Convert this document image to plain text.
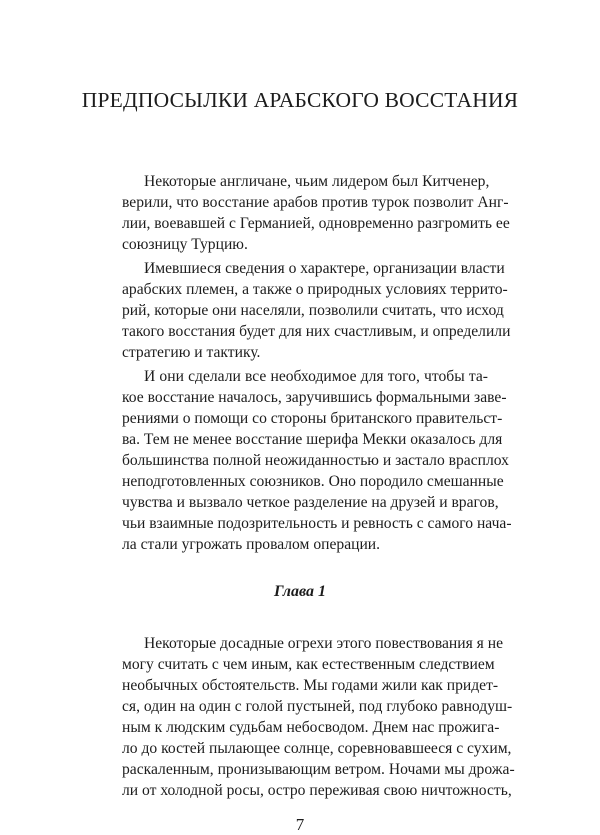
ПРЕДПОСЫЛКИ АРАБСКОГО ВОССТАНИЯ

Некоторые англичане, чьим лидером был Китченер,

верили, что восстание арабов против турок позволит Анг-

лии, воевавшей с Германией, одновременно разгромить ее

союзницу Турцию.

Имевшиеся сведения о характере, организации власти

арабских племен, а также о природных условиях террито-

рий, которые они населяли, позволили считать, что исход

такого восстания будет для них счастливым, и определили

стратегию и тактику.

И они сделали все необходимое для того, чтобы та-

кое восстание началось, заручившись формальными заве-

рениями о помощи со стороны британского правительст-

ва. Тем не менее восстание шерифа Мекки оказалось для

большинства полной неожиданностью и застало врасплох

неподготовленных союзников. Оно породило смешанные

чувства и вызвало четкое разделение на друзей и врагов,

чьи взаимные подозрительность и ревность с самого нача-

ла стали угрожать провалом операции.

Глава 1

Некоторые досадные огрехи этого повествования я не

могу считать с чем иным, как естественным следствием

необычных обстоятельств. Мы годами жили как придет-

ся, один на один с голой пустыней, под глубоко равнодуш-

ным к людским судьбам небосводом. Днем нас прожига-

ло до костей пылающее солнце, соревновавшееся с сухим,

раскаленным, пронизывающим ветром. Ночами мы дрожа-

ли от холодной росы, остро переживая свою ничтожность,

7
